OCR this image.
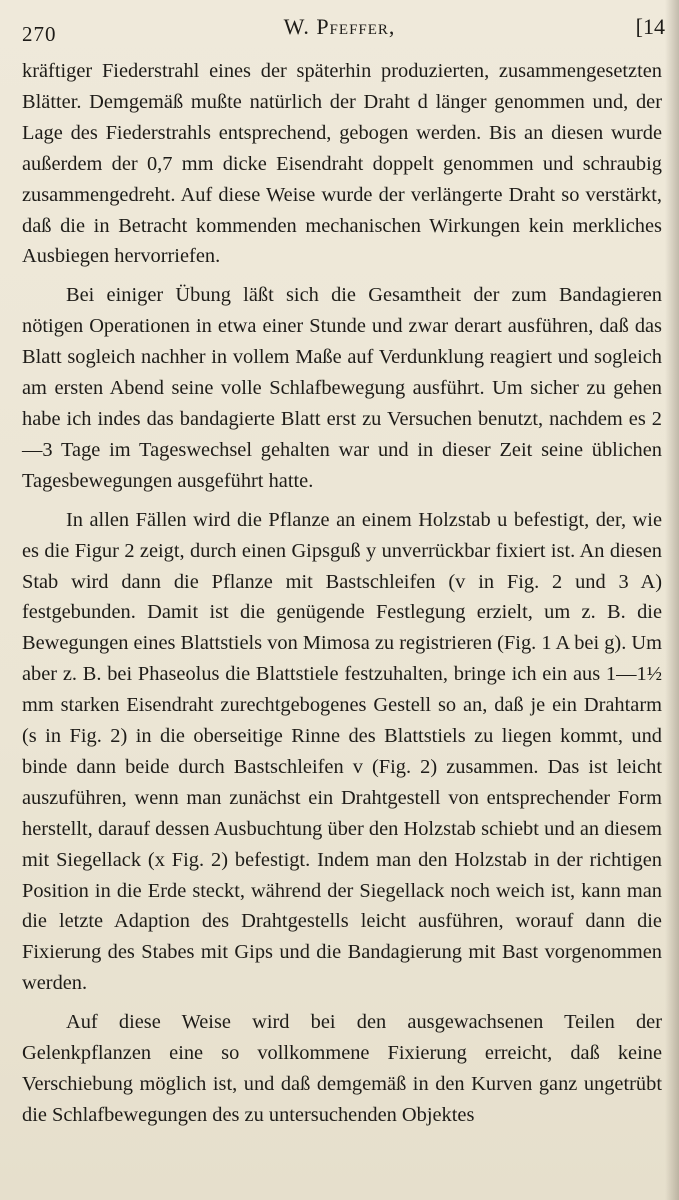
270	W. Pfeffer,	[14

kräftiger Fiederstrahl eines der späterhin produzierten, zusammengesetzten Blätter. Demgemäß mußte natürlich der Draht d länger genommen und, der Lage des Fiederstrahls entsprechend, gebogen werden. Bis an diesen wurde außerdem der 0,7 mm dicke Eisendraht doppelt genommen und schraubig zusammengedreht. Auf diese Weise wurde der verlängerte Draht so verstärkt, daß die in Betracht kommenden mechanischen Wirkungen kein merkliches Ausbiegen hervorriefen.

Bei einiger Übung läßt sich die Gesamtheit der zum Bandagieren nötigen Operationen in etwa einer Stunde und zwar derart ausführen, daß das Blatt sogleich nachher in vollem Maße auf Verdunklung reagiert und sogleich am ersten Abend seine volle Schlafbewegung ausführt. Um sicher zu gehen habe ich indes das bandagierte Blatt erst zu Versuchen benutzt, nachdem es 2—3 Tage im Tageswechsel gehalten war und in dieser Zeit seine üblichen Tagesbewegungen ausgeführt hatte.

In allen Fällen wird die Pflanze an einem Holzstab u befestigt, der, wie es die Figur 2 zeigt, durch einen Gipsguß y unverrückbar fixiert ist. An diesen Stab wird dann die Pflanze mit Bastschleifen (v in Fig. 2 und 3 A) festgebunden. Damit ist die genügende Festlegung erzielt, um z. B. die Bewegungen eines Blattstiels von Mimosa zu registrieren (Fig. 1 A bei g). Um aber z. B. bei Phaseolus die Blattstiele festzuhalten, bringe ich ein aus 1—1½ mm starken Eisendraht zurechtgebogenes Gestell so an, daß je ein Drahtarm (s in Fig. 2) in die oberseitige Rinne des Blattstiels zu liegen kommt, und binde dann beide durch Bastschleifen v (Fig. 2) zusammen. Das ist leicht auszuführen, wenn man zunächst ein Drahtgestell von entsprechender Form herstellt, darauf dessen Ausbuchtung über den Holzstab schiebt und an diesem mit Siegellack (x Fig. 2) befestigt. Indem man den Holzstab in der richtigen Position in die Erde steckt, während der Siegellack noch weich ist, kann man die letzte Adaption des Drahtgestells leicht ausführen, worauf dann die Fixierung des Stabes mit Gips und die Bandagierung mit Bast vorgenommen werden.

Auf diese Weise wird bei den ausgewachsenen Teilen der Gelenkpflanzen eine so vollkommene Fixierung erreicht, daß keine Verschiebung möglich ist, und daß demgemäß in den Kurven ganz ungetrübt die Schlafbewegungen des zu untersuchenden Objektes
